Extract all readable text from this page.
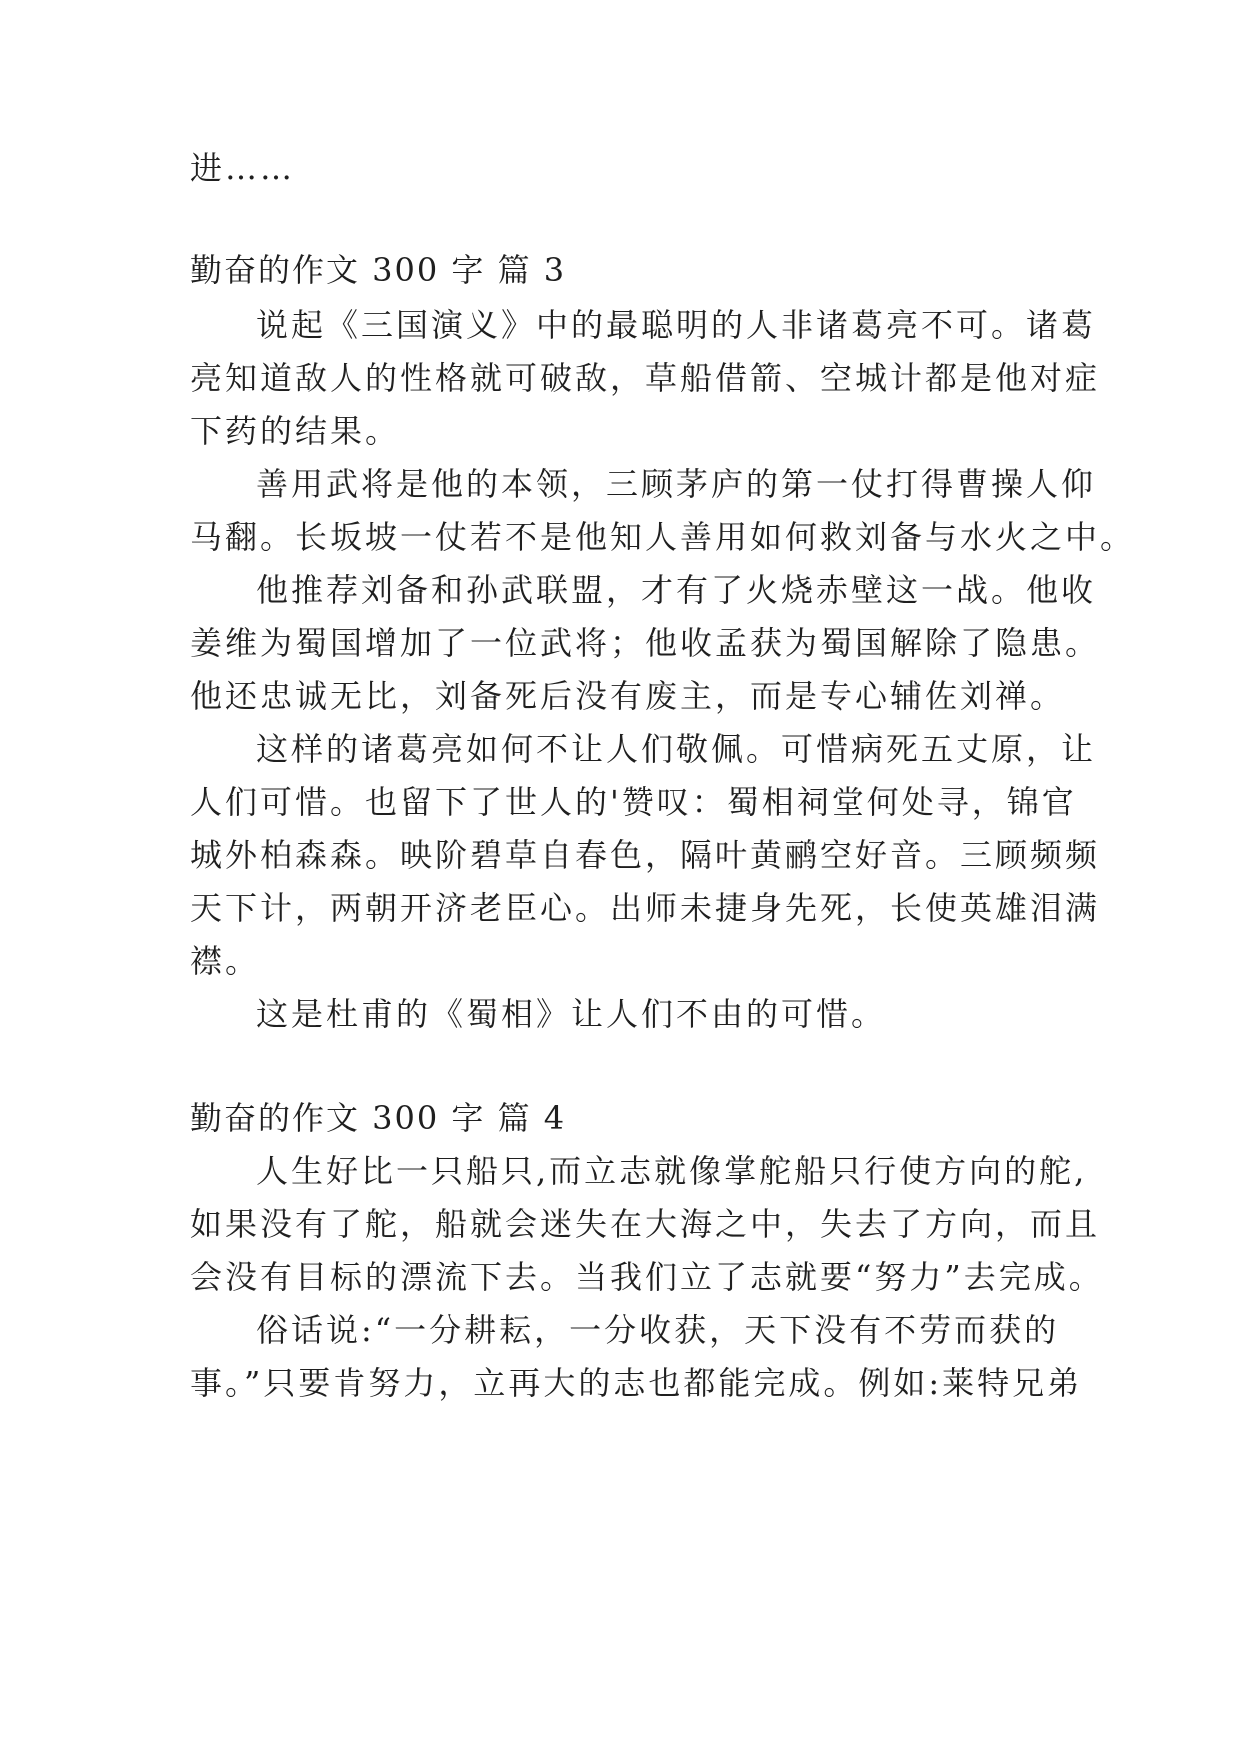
进……
勤奋的作文 300 字 篇 3
说起《三国演义》中的最聪明的人非诸葛亮不可。诸葛
亮知道敌人的性格就可破敌，草船借箭、空城计都是他对症
下药的结果。
善用武将是他的本领，三顾茅庐的第一仗打得曹操人仰
马翻。长坂坡一仗若不是他知人善用如何救刘备与水火之中。
他推荐刘备和孙武联盟，才有了火烧赤壁这一战。他收
姜维为蜀国增加了一位武将；他收孟获为蜀国解除了隐患。
他还忠诚无比，刘备死后没有废主，而是专心辅佐刘禅。
这样的诸葛亮如何不让人们敬佩。可惜病死五丈原，让
人们可惜。也留下了世人的'赞叹：蜀相祠堂何处寻，锦官
城外柏森森。映阶碧草自春色，隔叶黄鹂空好音。三顾频频
天下计，两朝开济老臣心。出师未捷身先死，长使英雄泪满
襟。
这是杜甫的《蜀相》让人们不由的可惜。
勤奋的作文 300 字 篇 4
人生好比一只船只,而立志就像掌舵船只行使方向的舵,
如果没有了舵，船就会迷失在大海之中，失去了方向，而且
会没有目标的漂流下去。当我们立了志就要“努力”去完成。
俗话说:“一分耕耘，一分收获，天下没有不劳而获的
事。”只要肯努力，立再大的志也都能完成。例如:莱特兄弟
